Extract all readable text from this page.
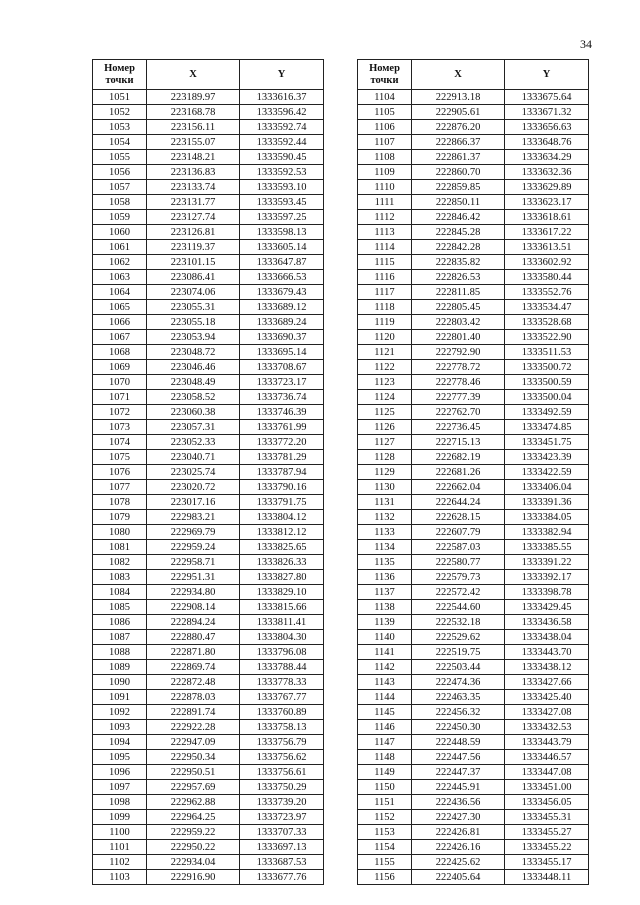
34
Номер
точки	X	Y
1051	223189.97	1333616.37
1052	223168.78	1333596.42
1053	223156.11	1333592.74
1054	223155.07	1333592.44
1055	223148.21	1333590.45
1056	223136.83	1333592.53
1057	223133.74	1333593.10
1058	223131.77	1333593.45
1059	223127.74	1333597.25
1060	223126.81	1333598.13
1061	223119.37	1333605.14
1062	223101.15	1333647.87
1063	223086.41	1333666.53
1064	223074.06	1333679.43
1065	223055.31	1333689.12
1066	223055.18	1333689.24
1067	223053.94	1333690.37
1068	223048.72	1333695.14
1069	223046.46	1333708.67
1070	223048.49	1333723.17
1071	223058.52	1333736.74
1072	223060.38	1333746.39
1073	223057.31	1333761.99
1074	223052.33	1333772.20
1075	223040.71	1333781.29
1076	223025.74	1333787.94
1077	223020.72	1333790.16
1078	223017.16	1333791.75
1079	222983.21	1333804.12
1080	222969.79	1333812.12
1081	222959.24	1333825.65
1082	222958.71	1333826.33
1083	222951.31	1333827.80
1084	222934.80	1333829.10
1085	222908.14	1333815.66
1086	222894.24	1333811.41
1087	222880.47	1333804.30
1088	222871.80	1333796.08
1089	222869.74	1333788.44
1090	222872.48	1333778.33
1091	222878.03	1333767.77
1092	222891.74	1333760.89
1093	222922.28	1333758.13
1094	222947.09	1333756.79
1095	222950.34	1333756.62
1096	222950.51	1333756.61
1097	222957.69	1333750.29
1098	222962.88	1333739.20
1099	222964.25	1333723.97
1100	222959.22	1333707.33
1101	222950.22	1333697.13
1102	222934.04	1333687.53
1103	222916.90	1333677.76
Номер
точки	X	Y
1104	222913.18	1333675.64
1105	222905.61	1333671.32
1106	222876.20	1333656.63
1107	222866.37	1333648.76
1108	222861.37	1333634.29
1109	222860.70	1333632.36
1110	222859.85	1333629.89
1111	222850.11	1333623.17
1112	222846.42	1333618.61
1113	222845.28	1333617.22
1114	222842.28	1333613.51
1115	222835.82	1333602.92
1116	222826.53	1333580.44
1117	222811.85	1333552.76
1118	222805.45	1333534.47
1119	222803.42	1333528.68
1120	222801.40	1333522.90
1121	222792.90	1333511.53
1122	222778.72	1333500.72
1123	222778.46	1333500.59
1124	222777.39	1333500.04
1125	222762.70	1333492.59
1126	222736.45	1333474.85
1127	222715.13	1333451.75
1128	222682.19	1333423.39
1129	222681.26	1333422.59
1130	222662.04	1333406.04
1131	222644.24	1333391.36
1132	222628.15	1333384.05
1133	222607.79	1333382.94
1134	222587.03	1333385.55
1135	222580.77	1333391.22
1136	222579.73	1333392.17
1137	222572.42	1333398.78
1138	222544.60	1333429.45
1139	222532.18	1333436.58
1140	222529.62	1333438.04
1141	222519.75	1333443.70
1142	222503.44	1333438.12
1143	222474.36	1333427.66
1144	222463.35	1333425.40
1145	222456.32	1333427.08
1146	222450.30	1333432.53
1147	222448.59	1333443.79
1148	222447.56	1333446.57
1149	222447.37	1333447.08
1150	222445.91	1333451.00
1151	222436.56	1333456.05
1152	222427.30	1333455.31
1153	222426.81	1333455.27
1154	222426.16	1333455.22
1155	222425.62	1333455.17
1156	222405.64	1333448.11
